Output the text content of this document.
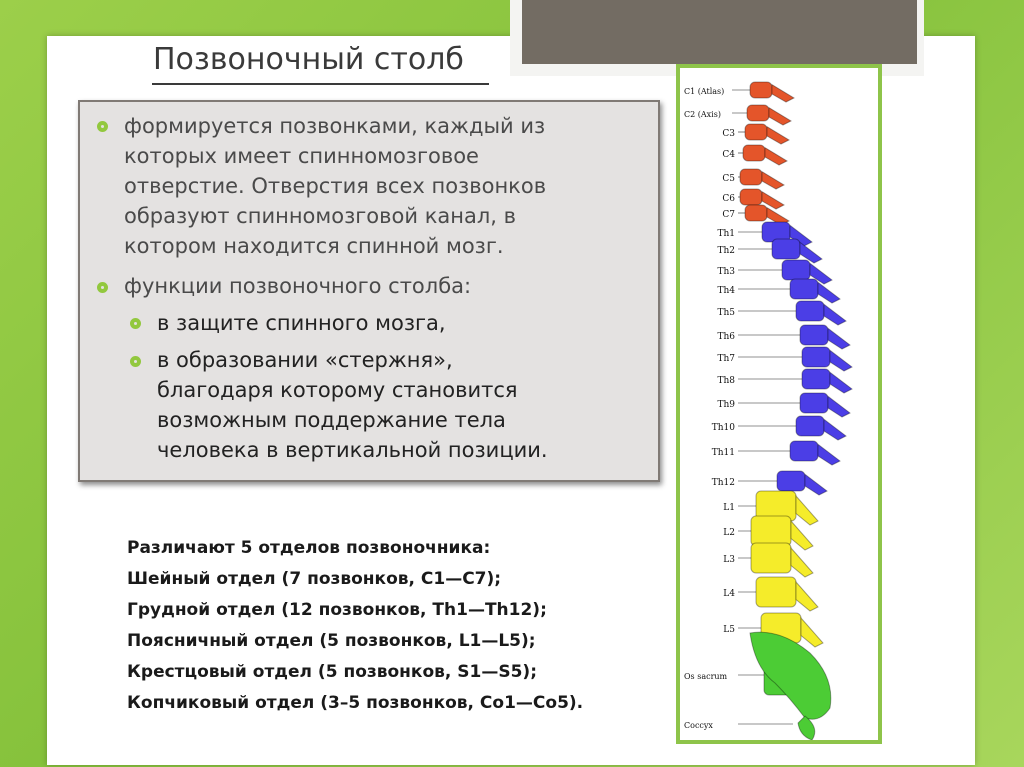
Позвоночный столб
формируется позвонками, каждый из
которых имеет спинномозговое
отверстие. Отверстия всех позвонков
образуют спинномозговой канал, в
котором находится спинной мозг.
функции позвоночного столба:
в защите спинного мозга,
в образовании «стержня»,
благодаря которому становится
возможным поддержание тела
человека в вертикальной позиции.
Различают 5 отделов позвоночника:
Шейный отдел (7 позвонков, С1—С7);
Грудной отдел (12 позвонков, Th1—Th12);
Поясничный отдел (5 позвонков, L1—L5);
Крестцовый отдел (5 позвонков, S1—S5);
Копчиковый отдел (3–5 позвонков, Co1—Co5).
C1 (Atlas)
C2 (Axis)
C3
C4
C5
C6
C7
Th1
Th2
Th3
Th4
Th5
Th6
Th7
Th8
Th9
Th10
Th11
Th12
L1
L2
L3
L4
L5
Os sacrum
Coccyx
